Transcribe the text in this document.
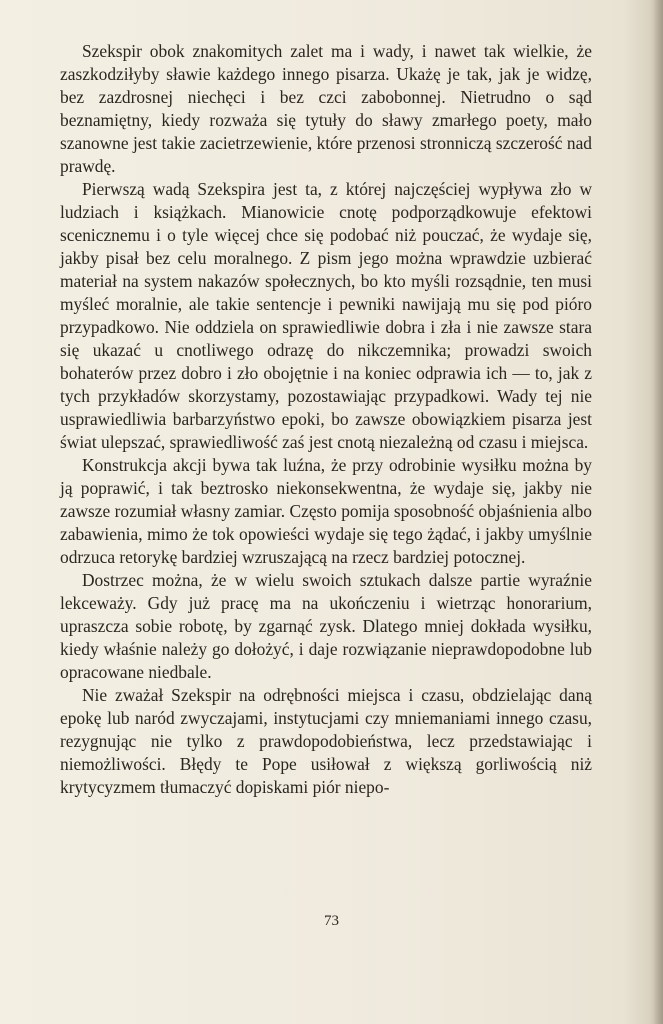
Szekspir obok znakomitych zalet ma i wady, i nawet tak wielkie, że zaszkodziłyby sławie każdego innego pisarza. Ukażę je tak, jak je widzę, bez zazdrosnej niechęci i bez czci zabobonnej. Nietrudno o sąd beznamiętny, kiedy rozważa się tytuły do sławy zmarłego poety, mało szanowne jest takie zacietrzewienie, które przenosi stronniczą szczerość nad prawdę.

Pierwszą wadą Szekspira jest ta, z której najczęściej wypływa zło w ludziach i książkach. Mianowicie cnotę podporządkowuje efektowi scenicznemu i o tyle więcej chce się podobać niż pouczać, że wydaje się, jakby pisał bez celu moralnego. Z pism jego można wprawdzie uzbierać materiał na system nakazów społecznych, bo kto myśli rozsądnie, ten musi myśleć moralnie, ale takie sentencje i pewniki nawijają mu się pod pióro przypadkowo. Nie oddziela on sprawiedliwie dobra i zła i nie zawsze stara się ukazać u cnotliwego odrazę do nikczemnika; prowadzi swoich bohaterów przez dobro i zło obojętnie i na koniec odprawia ich — to, jak z tych przykładów skorzystamy, pozostawiając przypadkowi. Wady tej nie usprawiedliwia barbarzyństwo epoki, bo zawsze obowiązkiem pisarza jest świat ulepszać, sprawiedliwość zaś jest cnotą niezależną od czasu i miejsca.

Konstrukcja akcji bywa tak luźna, że przy odrobinie wysiłku można by ją poprawić, i tak beztrosko niekonsekwentna, że wydaje się, jakby nie zawsze rozumiał własny zamiar. Często pomija sposobność objaśnienia albo zabawienia, mimo że tok opowieści wydaje się tego żądać, i jakby umyślnie odrzuca retorykę bardziej wzruszającą na rzecz bardziej potocznej.

Dostrzec można, że w wielu swoich sztukach dalsze partie wyraźnie lekceważy. Gdy już pracę ma na ukończeniu i wietrząc honorarium, upraszcza sobie robotę, by zgarnąć zysk. Dlatego mniej dokłada wysiłku, kiedy właśnie należy go dołożyć, i daje rozwiązanie nieprawdopodobne lub opracowane niedbale.

Nie zważał Szekspir na odrębności miejsca i czasu, obdzielając daną epokę lub naród zwyczajami, instytucjami czy mniemaniami innego czasu, rezygnując nie tylko z prawdopodobieństwa, lecz przedstawiając i niemożliwości. Błędy te Pope usiłował z większą gorliwością niż krytycyzmem tłumaczyć dopiskami piór niepo-

73
